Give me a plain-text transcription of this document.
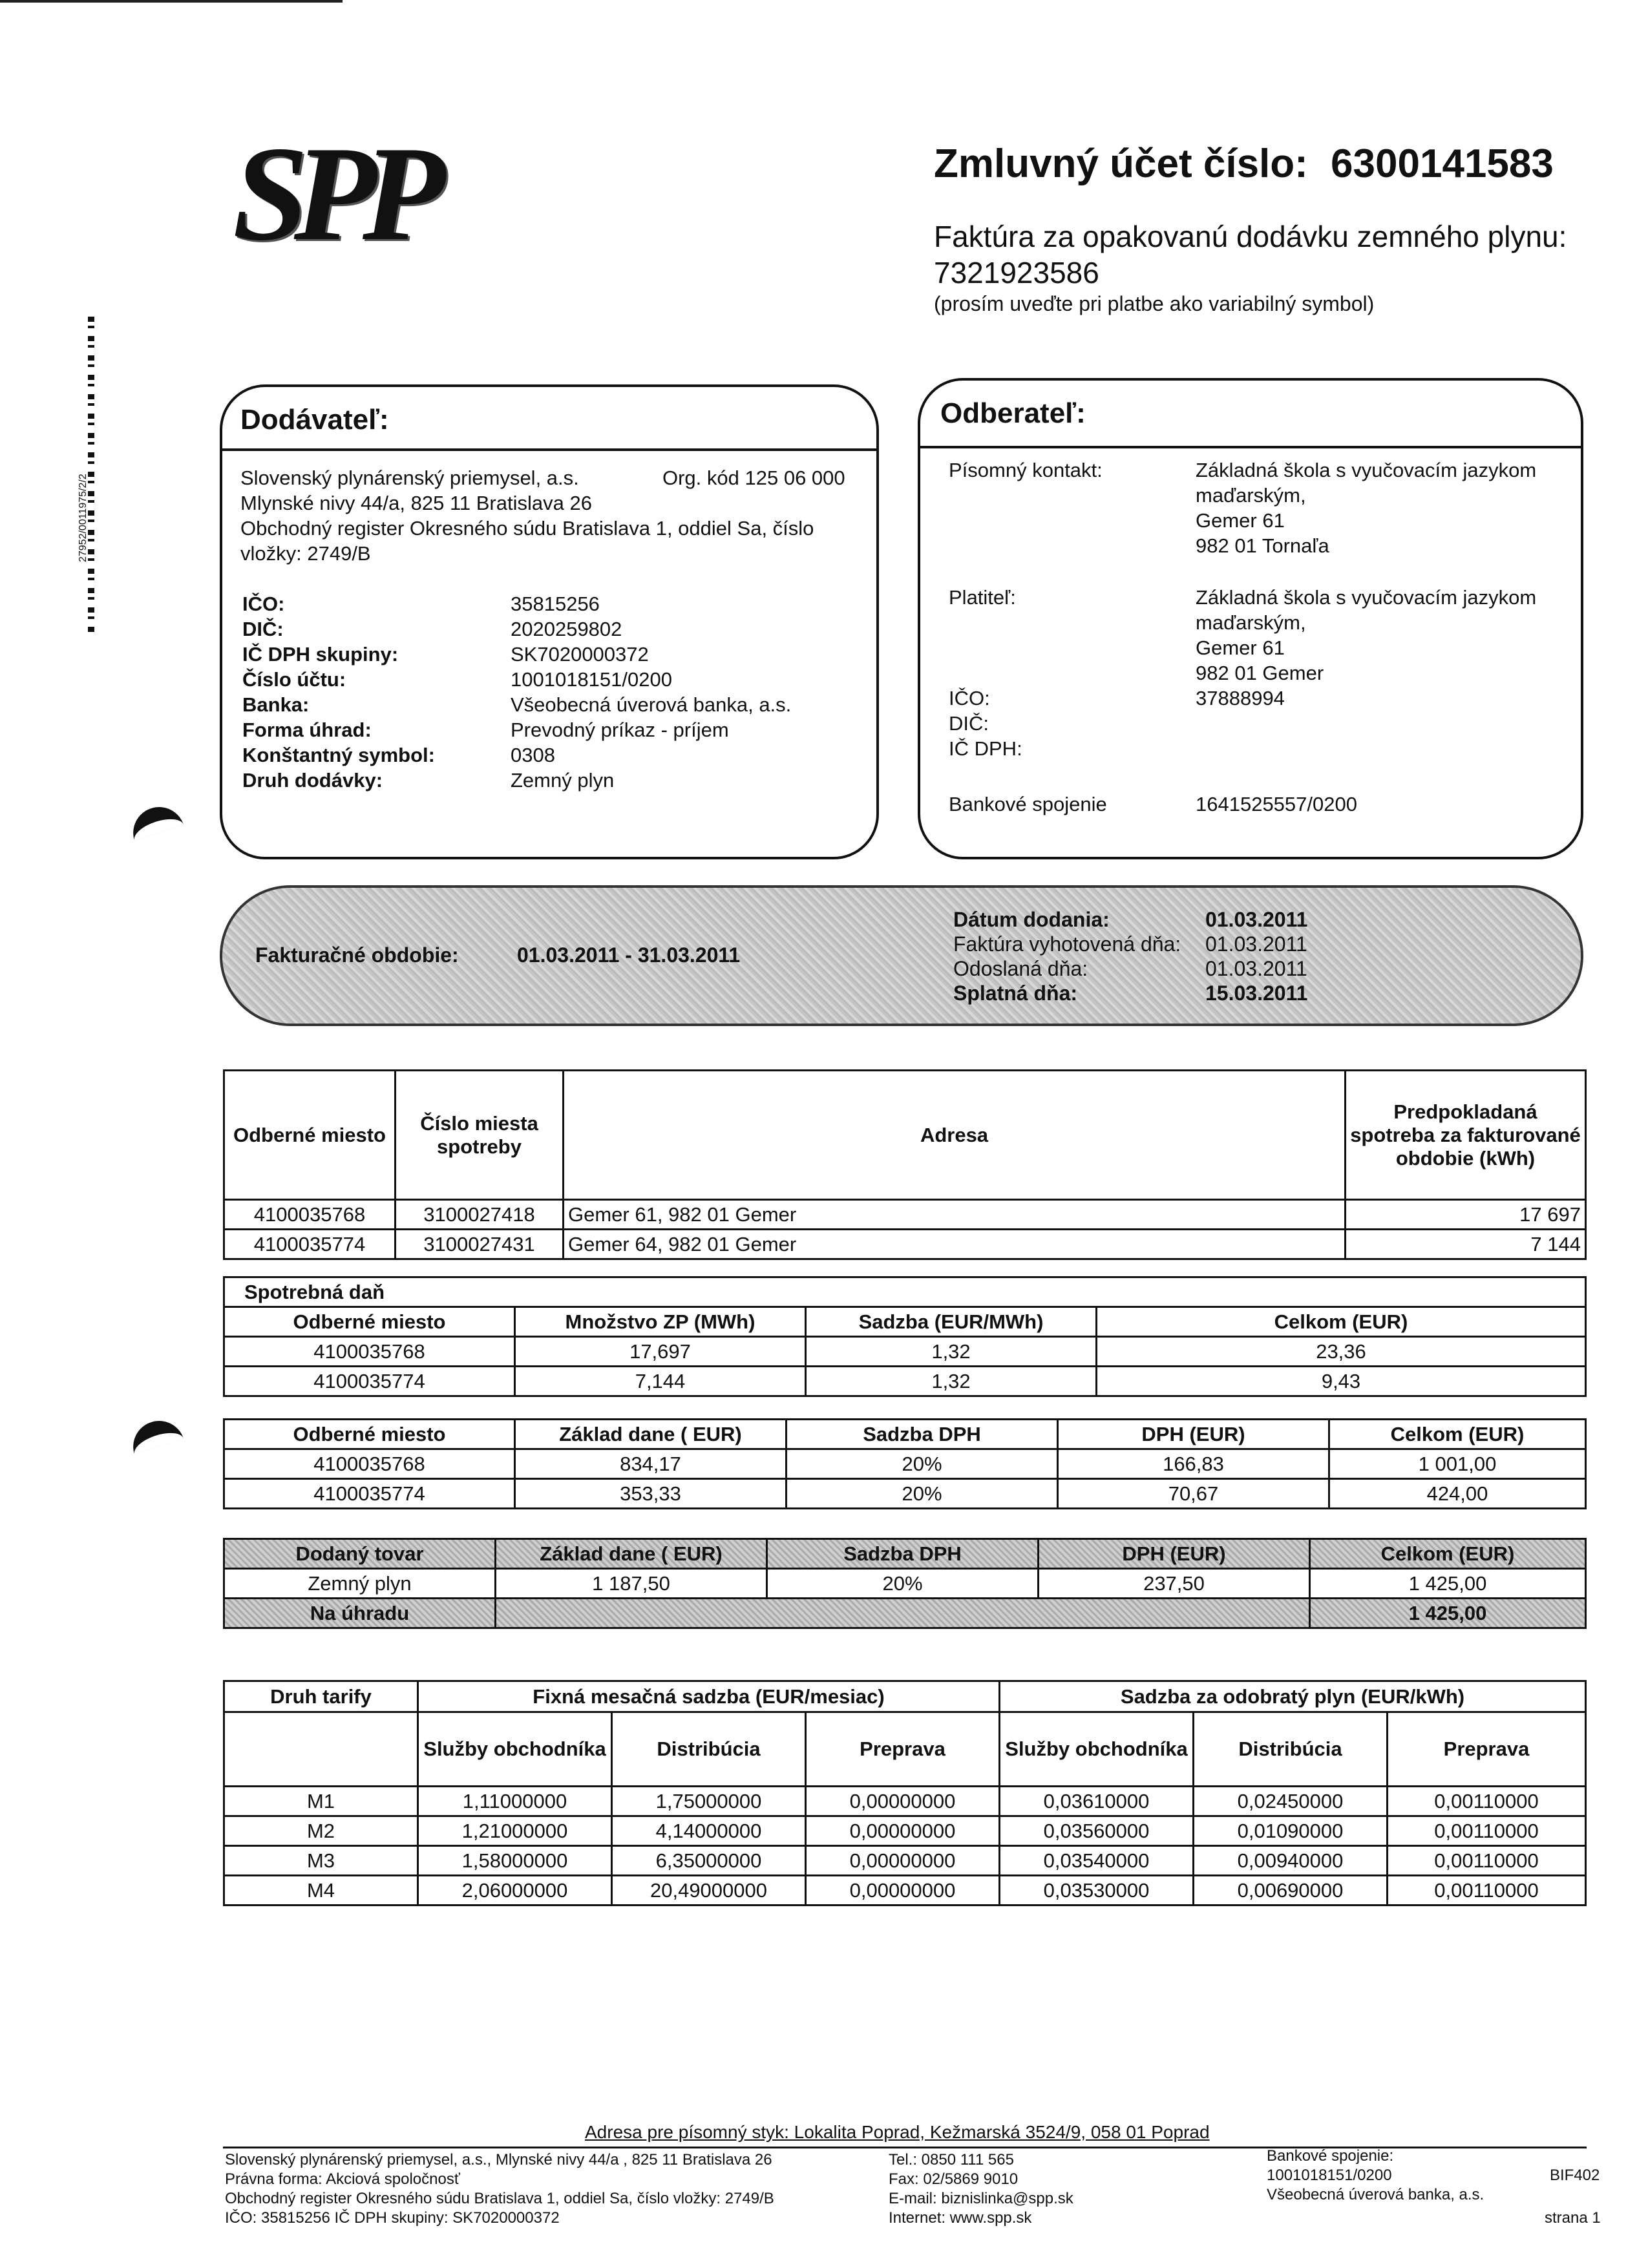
27952/0011975/2/2
SPP	Zmluvný účet číslo: 6300141583
Faktúra za opakovanú dodávku zemného plynu:
7321923586
(prosím uveďte pri platbe ako variabilný symbol)
Dodávateľ:
Slovenský plynárenský priemysel, a.s.	Org. kód 125 06 000
Mlynské nivy 44/a, 825 11 Bratislava 26
Obchodný register Okresného súdu Bratislava 1, oddiel Sa, číslo
vložky: 2749/B
IČO:	35815256
DIČ:	2020259802
IČ DPH skupiny:	SK7020000372
Číslo účtu:	1001018151/0200
Banka:	Všeobecná úverová banka, a.s.
Forma úhrad:	Prevodný príkaz - príjem
Konštantný symbol:	0308
Druh dodávky:	Zemný plyn
Odberateľ:
Písomný kontakt:	Základná škola s vyučovacím jazykom
maďarským,
Gemer 61
982 01 Tornaľa
Platiteľ:	Základná škola s vyučovacím jazykom
maďarským,
Gemer 61
982 01 Gemer
IČO:	37888994
DIČ:
IČ DPH:
Bankové spojenie	1641525557/0200
Fakturačné obdobie:	01.03.2011 - 31.03.2011
Dátum dodania:	01.03.2011
Faktúra vyhotovená dňa: 01.03.2011
Odoslaná dňa:	01.03.2011
Splatná dňa:	15.03.2011
Odberné miesto	Číslo miesta spotreby	Adresa	Predpokladaná spotreba za fakturované obdobie (kWh)
4100035768	3100027418	Gemer 61, 982 01 Gemer	17 697
4100035774	3100027431	Gemer 64, 982 01 Gemer	7 144
Spotrebná daň			
Odberné miesto	Množstvo ZP (MWh)	Sadzba (EUR/MWh)	Celkom (EUR)
4100035768	17,697	1,32	23,36
4100035774	7,144	1,32	9,43
Odberné miesto	Základ dane ( EUR)	Sadzba DPH	DPH (EUR)	Celkom (EUR)
4100035768	834,17	20%	166,83	1 001,00
4100035774	353,33	20%	70,67	424,00
Dodaný tovar	Základ dane ( EUR)	Sadzba DPH	DPH (EUR)	Celkom (EUR)
Zemný plyn	1 187,50	20%	237,50	1 425,00
Na úhradu				1 425,00
Druh tarify	Fixná mesačná sadzba (EUR/mesiac)			Sadzba za odobratý plyn (EUR/kWh)		
	Služby obchodníka	Distribúcia	Preprava	Služby obchodníka	Distribúcia	Preprava
M1	1,11000000	1,75000000	0,00000000	0,03610000	0,02450000	0,00110000
M2	1,21000000	4,14000000	0,00000000	0,03560000	0,01090000	0,00110000
M3	1,58000000	6,35000000	0,00000000	0,03540000	0,00940000	0,00110000
M4	2,06000000	20,49000000	0,00000000	0,03530000	0,00690000	0,00110000
Adresa pre písomný styk: Lokalita Poprad, Kežmarská 3524/9, 058 01 Poprad
Slovenský plynárenský priemysel, a.s., Mlynské nivy 44/a , 825 11 Bratislava 26
Právna forma: Akciová spoločnosť
Obchodný register Okresného súdu Bratislava 1, oddiel Sa, číslo vložky: 2749/B
IČO: 35815256 IČ DPH skupiny: SK7020000372
Tel.: 0850 111 565
Fax: 02/5869 9010
E-mail: biznislinka@spp.sk
Internet: www.spp.sk
Bankové spojenie:
1001018151/0200
Všeobecná úverová banka, a.s.
BIF402
strana 1
